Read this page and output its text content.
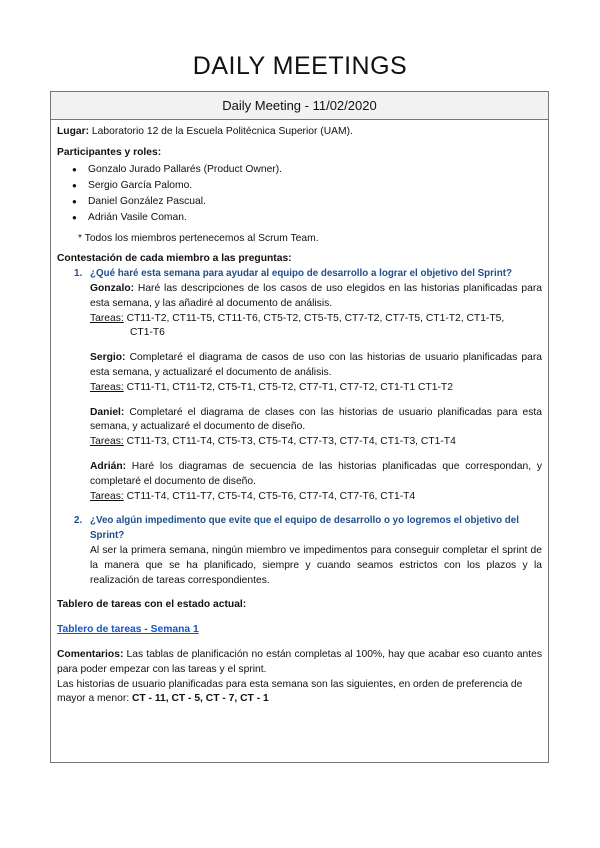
DAILY MEETINGS
Daily Meeting - 11/02/2020

Lugar: Laboratorio 12 de la Escuela Politécnica Superior (UAM).

Participantes y roles:

● Gonzalo Jurado Pallarés (Product Owner).
● Sergio García Palomo.
● Daniel González Pascual.
● Adrián Vasile Coman.
* Todos los miembros pertenecemos al Scrum Team.

Contestación de cada miembro a las preguntas:

1. ¿Qué haré esta semana para ayudar al equipo de desarrollo a lograr el objetivo del Sprint?
Gonzalo: Haré las descripciones de los casos de uso elegidos en las historias planificadas para esta semana, y las añadiré al documento de análisis.
Tareas: CT11-T2, CT11-T5, CT11-T6, CT5-T2, CT5-T5, CT7-T2, CT7-T5, CT1-T2, CT1-T5,
CT1-T6
Sergio: Completaré el diagrama de casos de uso con las historias de usuario planificadas para esta semana, y actualizaré el documento de análisis.
Tareas: CT11-T1, CT11-T2, CT5-T1, CT5-T2, CT7-T1, CT7-T2, CT1-T1 CT1-T2
Daniel: Completaré el diagrama de clases con las historias de usuario planificadas para esta semana, y actualizaré el documento de diseño.
Tareas: CT11-T3, CT11-T4, CT5-T3, CT5-T4, CT7-T3, CT7-T4, CT1-T3, CT1-T4
Adrián: Haré los diagramas de secuencia de las historias planificadas que correspondan, y completaré el documento de diseño.
Tareas: CT11-T4, CT11-T7, CT5-T4, CT5-T6, CT7-T4, CT7-T6, CT1-T4
2. ¿Veo algún impedimento que evite que el equipo de desarrollo o yo logremos el objetivo del Sprint?
Al ser la primera semana, ningún miembro ve impedimentos para conseguir completar el sprint de la manera que se ha planificado, siempre y cuando seamos estrictos con los plazos y la realización de tareas correspondientes.

Tablero de tareas con el estado actual:

Tablero de tareas - Semana 1

Comentarios: Las tablas de planificación no están completas al 100%, hay que acabar eso cuanto antes para poder empezar con las tareas y el sprint.

Las historias de usuario planificadas para esta semana son las siguientes, en orden de preferencia de mayor a menor: CT - 11, CT - 5, CT - 7, CT - 1
